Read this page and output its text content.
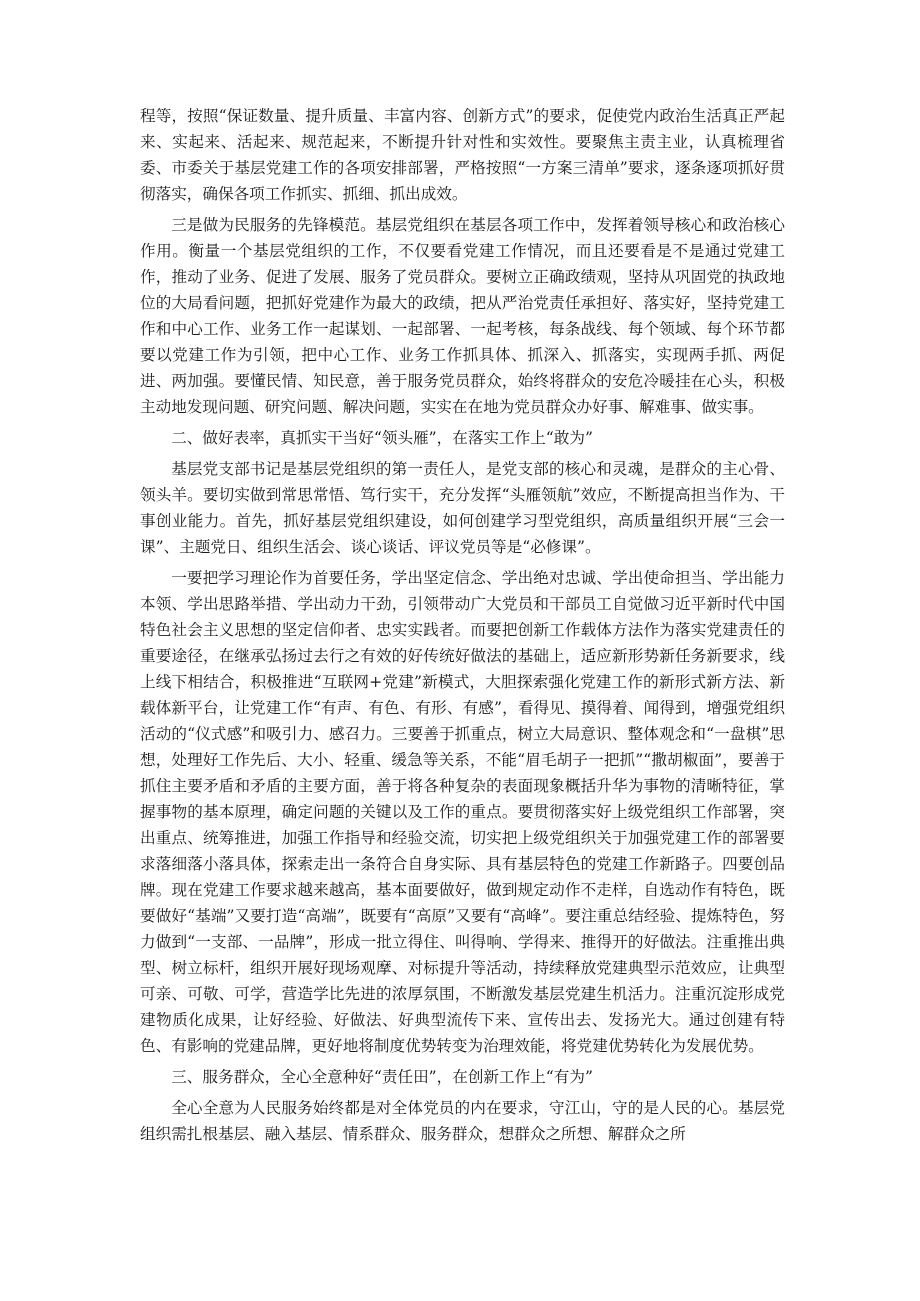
程等，按照“保证数量、提升质量、丰富内容、创新方式”的要求，促使党内政治生活真正严起来、实起来、活起来、规范起来，不断提升针对性和实效性。要聚焦主责主业，认真梳理省委、市委关于基层党建工作的各项安排部署，严格按照“一方案三清单”要求，逐条逐项抓好贯彻落实，确保各项工作抓实、抓细、抓出成效。

三是做为民服务的先锋模范。基层党组织在基层各项工作中，发挥着领导核心和政治核心作用。衡量一个基层党组织的工作，不仅要看党建工作情况，而且还要看是不是通过党建工作，推动了业务、促进了发展、服务了党员群众。要树立正确政绩观，坚持从巩固党的执政地位的大局看问题，把抓好党建作为最大的政绩，把从严治党责任承担好、落实好，坚持党建工作和中心工作、业务工作一起谋划、一起部署、一起考核，每条战线、每个领域、每个环节都要以党建工作为引领，把中心工作、业务工作抓具体、抓深入、抓落实，实现两手抓、两促进、两加强。要懂民情、知民意，善于服务党员群众，始终将群众的安危冷暖挂在心头，积极主动地发现问题、研究问题、解决问题，实实在在地为党员群众办好事、解难事、做实事。

二、做好表率，真抓实干当好“领头雁”，在落实工作上“敢为”

基层党支部书记是基层党组织的第一责任人，是党支部的核心和灵魂，是群众的主心骨、领头羊。要切实做到常思常悟、笃行实干，充分发挥“头雁领航”效应，不断提高担当作为、干事创业能力。首先，抓好基层党组织建设，如何创建学习型党组织，高质量组织开展“三会一课”、主题党日、组织生活会、谈心谈话、评议党员等是“必修课”。

一要把学习理论作为首要任务，学出坚定信念、学出绝对忠诚、学出使命担当、学出能力本领、学出思路举措、学出动力干劲，引领带动广大党员和干部员工自觉做习近平新时代中国特色社会主义思想的坚定信仰者、忠实实践者。而要把创新工作载体方法作为落实党建责任的重要途径，在继承弘扬过去行之有效的好传统好做法的基础上，适应新形势新任务新要求，线上线下相结合，积极推进“互联网+党建”新模式，大胆探索强化党建工作的新形式新方法、新载体新平台，让党建工作“有声、有色、有形、有感”，看得见、摸得着、闻得到，增强党组织活动的“仪式感”和吸引力、感召力。三要善于抓重点，树立大局意识、整体观念和“一盘棋”思想，处理好工作先后、大小、轻重、缓急等关系，不能“眉毛胡子一把抓”“撒胡椒面”，要善于抓住主要矛盾和矛盾的主要方面，善于将各种复杂的表面现象概括升华为事物的清晰特征，掌握事物的基本原理，确定问题的关键以及工作的重点。要贯彻落实好上级党组织工作部署，突出重点、统筹推进，加强工作指导和经验交流，切实把上级党组织关于加强党建工作的部署要求落细落小落具体，探索走出一条符合自身实际、具有基层特色的党建工作新路子。四要创品牌。现在党建工作要求越来越高，基本面要做好，做到规定动作不走样，自选动作有特色，既要做好“基端”又要打造“高端”，既要有“高原”又要有“高峰”。要注重总结经验、提炼特色，努力做到“一支部、一品牌”，形成一批立得住、叫得响、学得来、推得开的好做法。注重推出典型、树立标杆，组织开展好现场观摩、对标提升等活动，持续释放党建典型示范效应，让典型可亲、可敬、可学，营造学比先进的浓厚氛围，不断激发基层党建生机活力。注重沉淀形成党建物质化成果，让好经验、好做法、好典型流传下来、宣传出去、发扬光大。通过创建有特色、有影响的党建品牌，更好地将制度优势转变为治理效能，将党建优势转化为发展优势。

三、服务群众，全心全意种好“责任田”，在创新工作上“有为”

全心全意为人民服务始终都是对全体党员的内在要求，守江山，守的是人民的心。基层党组织需扎根基层、融入基层、情系群众、服务群众，想群众之所想、解群众之所
